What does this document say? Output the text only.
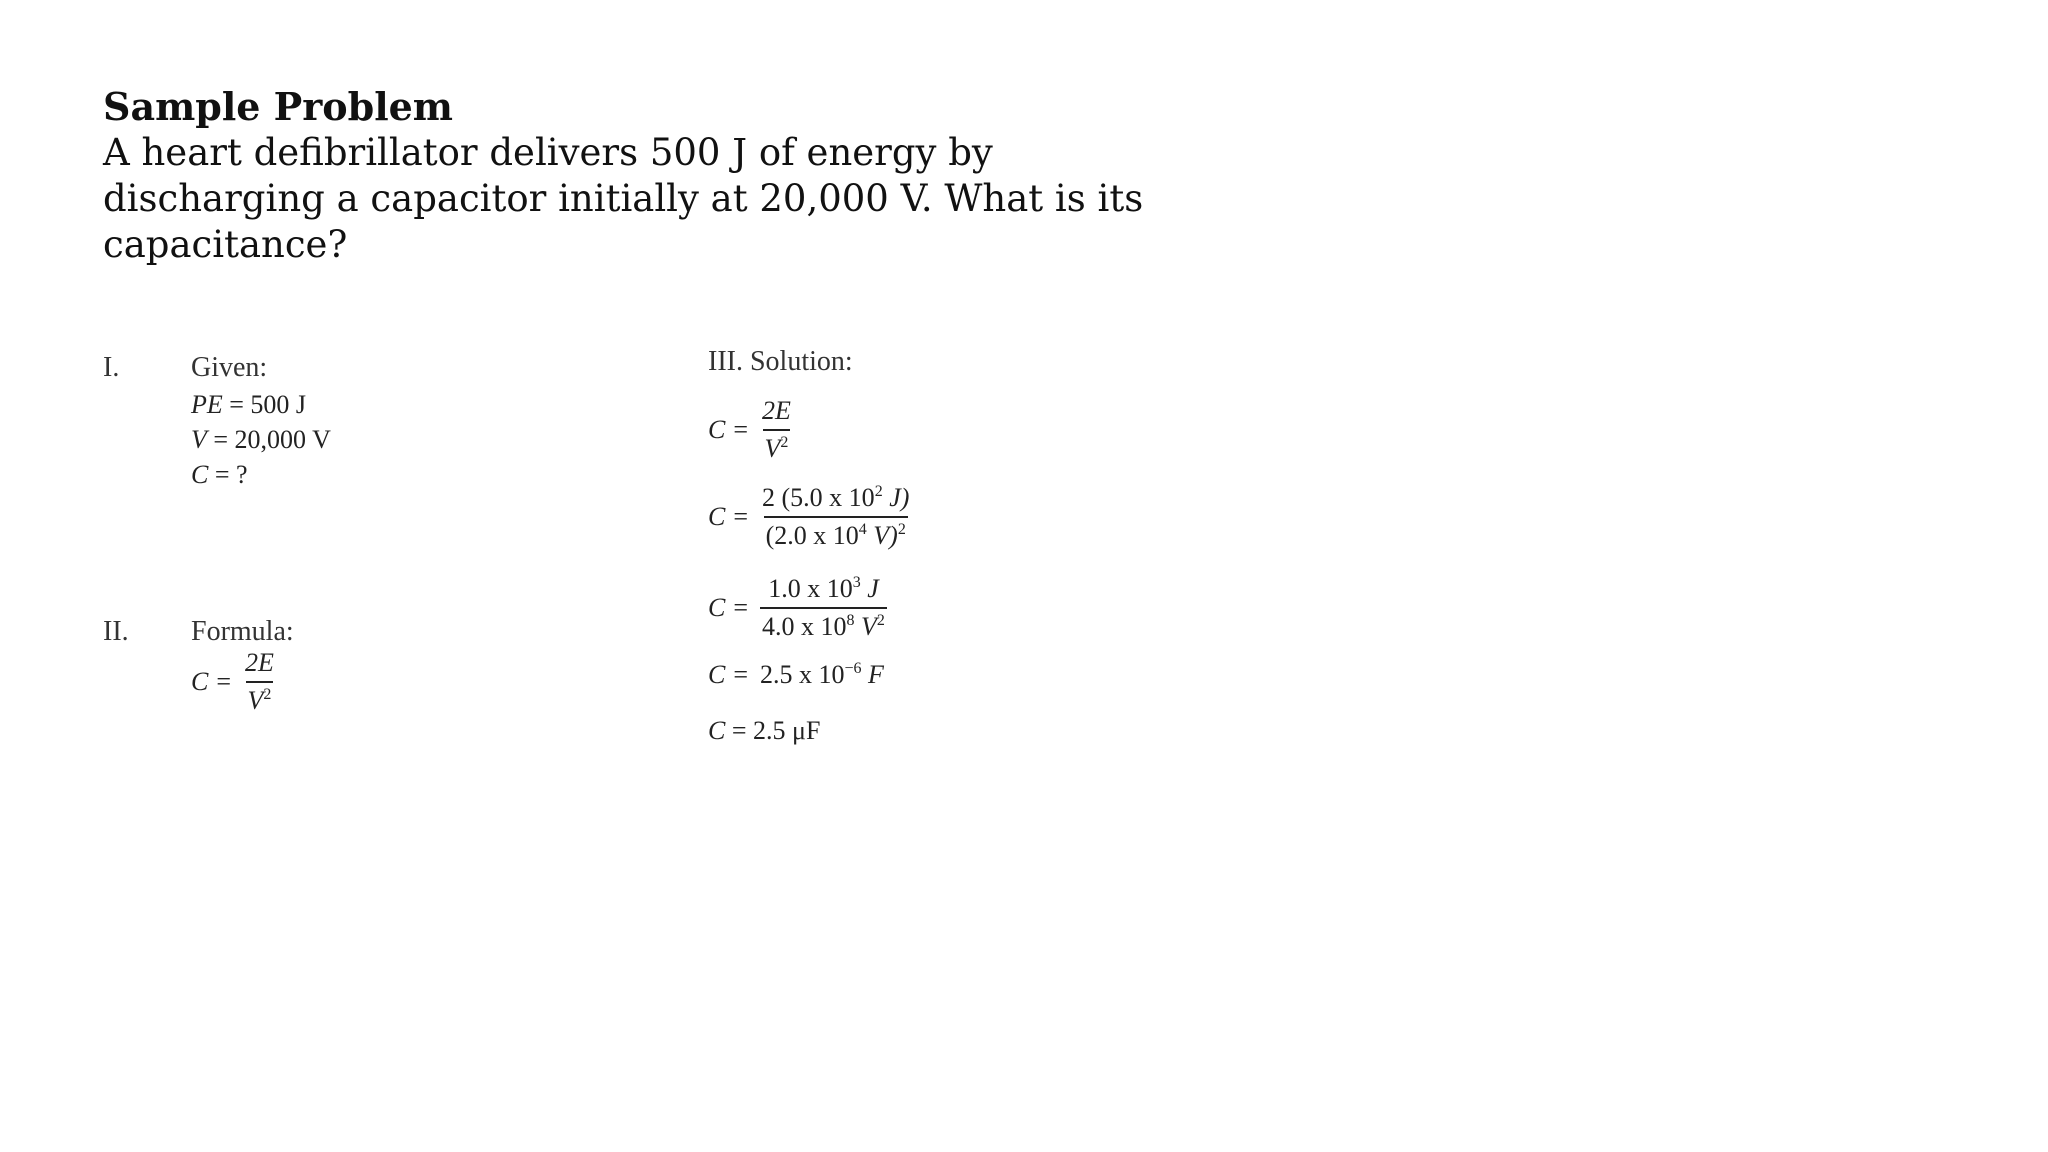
Sample Problem

A heart defibrillator delivers 500 J of energy by discharging a capacitor initially at 20,000 V. What is its capacitance?

I.	Given:
PE = 500 J
V = 20,000 V
C = ?
II. Formula:
$C = \frac{2E}{V^2}$
III. Solution:
$C = \frac{2E}{V^2}$
$C = \frac{2 (5.0 x 10^2 J)}{(2.0 x 10^4 V)^2}$
$C = \frac{1.0 x 10^3 J}{4.0 x 10^8 V^2}$
C = 2.5 x $10^{-6}$ F
C = 2.5 μF
